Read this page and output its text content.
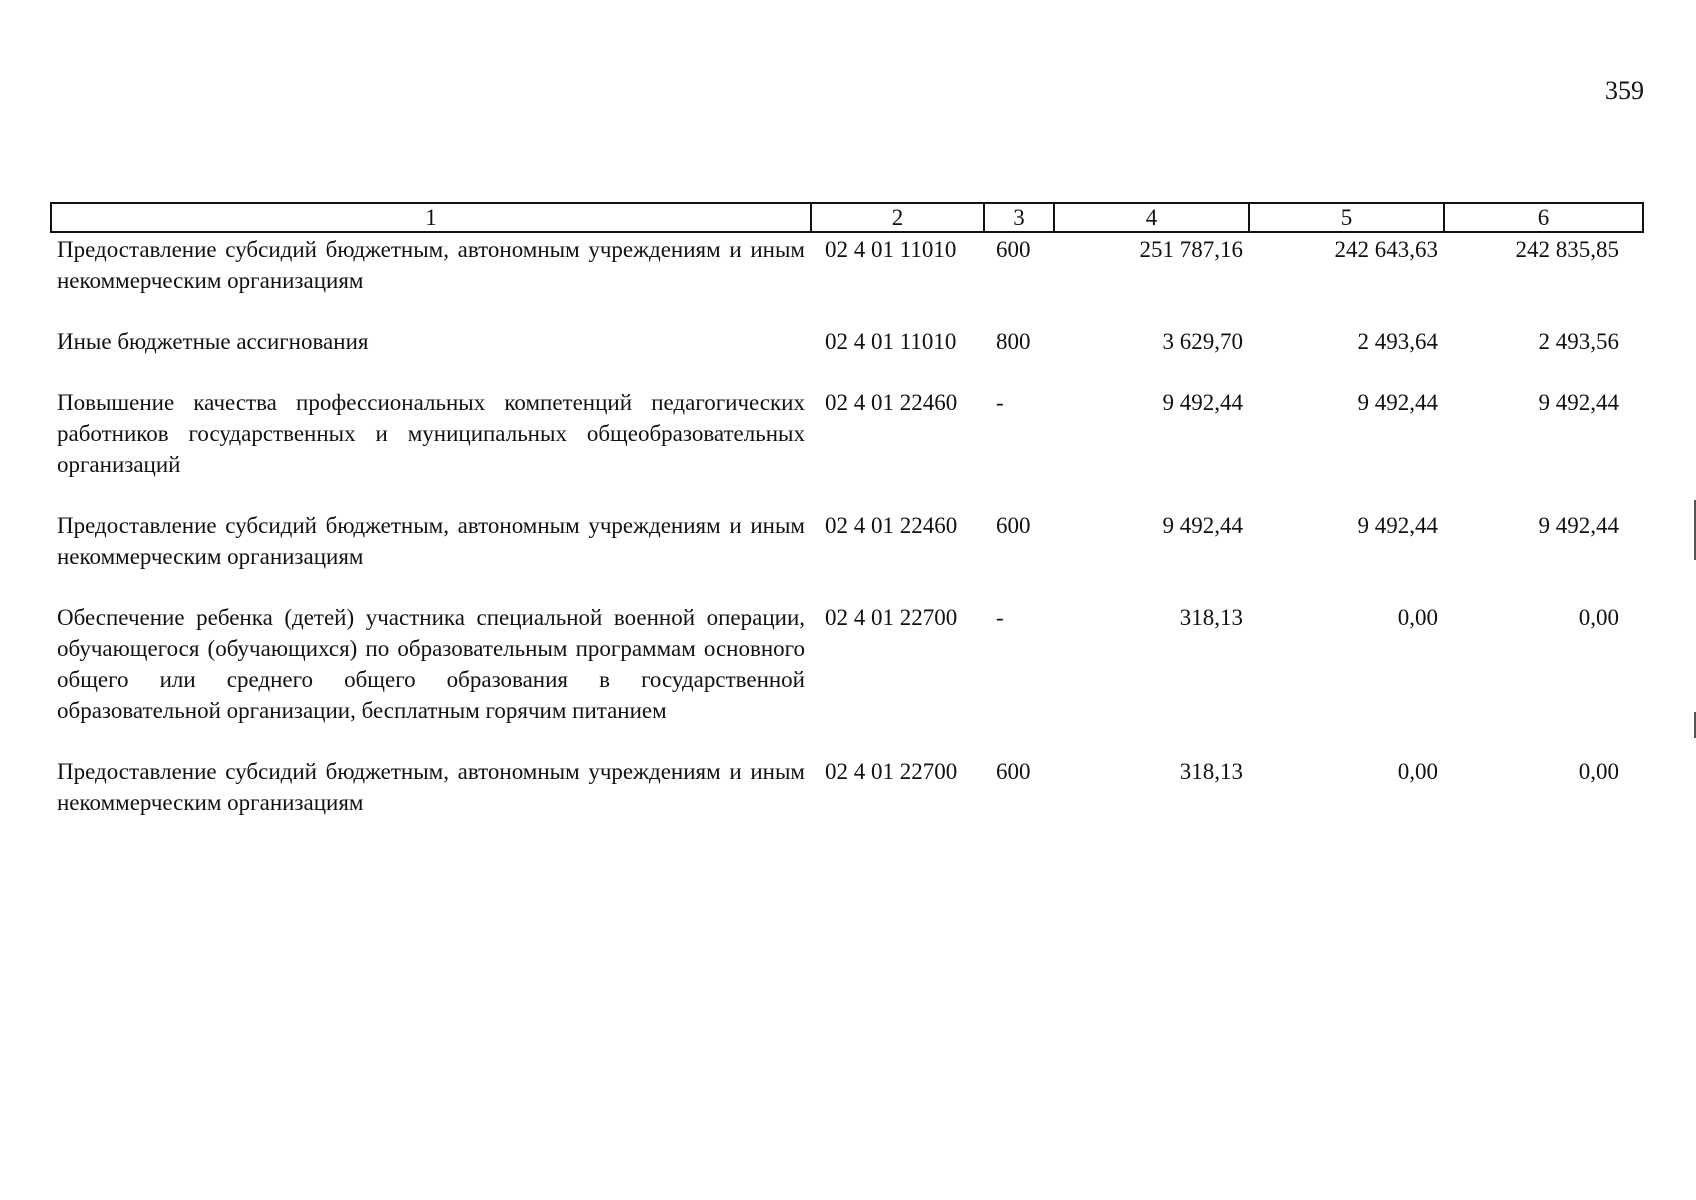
359
1	2	3	4	5	6
Предоставление субсидий бюджетным, автономным учреждениям и иным некоммерческим организациям	02 4 01 11010	600	251 787,16	242 643,63	242 835,85
Иные бюджетные ассигнования	02 4 01 11010	800	3 629,70	2 493,64	2 493,56
Повышение качества профессиональных компетенций педагогических работников государственных и муниципальных общеобразовательных организаций	02 4 01 22460	-	9 492,44	9 492,44	9 492,44
Предоставление субсидий бюджетным, автономным учреждениям и иным некоммерческим организациям	02 4 01 22460	600	9 492,44	9 492,44	9 492,44
Обеспечение ребенка (детей) участника специальной военной операции, обучающегося (обучающихся) по образовательным программам основного общего или среднего общего образования в государственной образовательной организации, бесплатным горячим питанием	02 4 01 22700	-	318,13	0,00	0,00
Предоставление субсидий бюджетным, автономным учреждениям и иным некоммерческим организациям	02 4 01 22700	600	318,13	0,00	0,00
